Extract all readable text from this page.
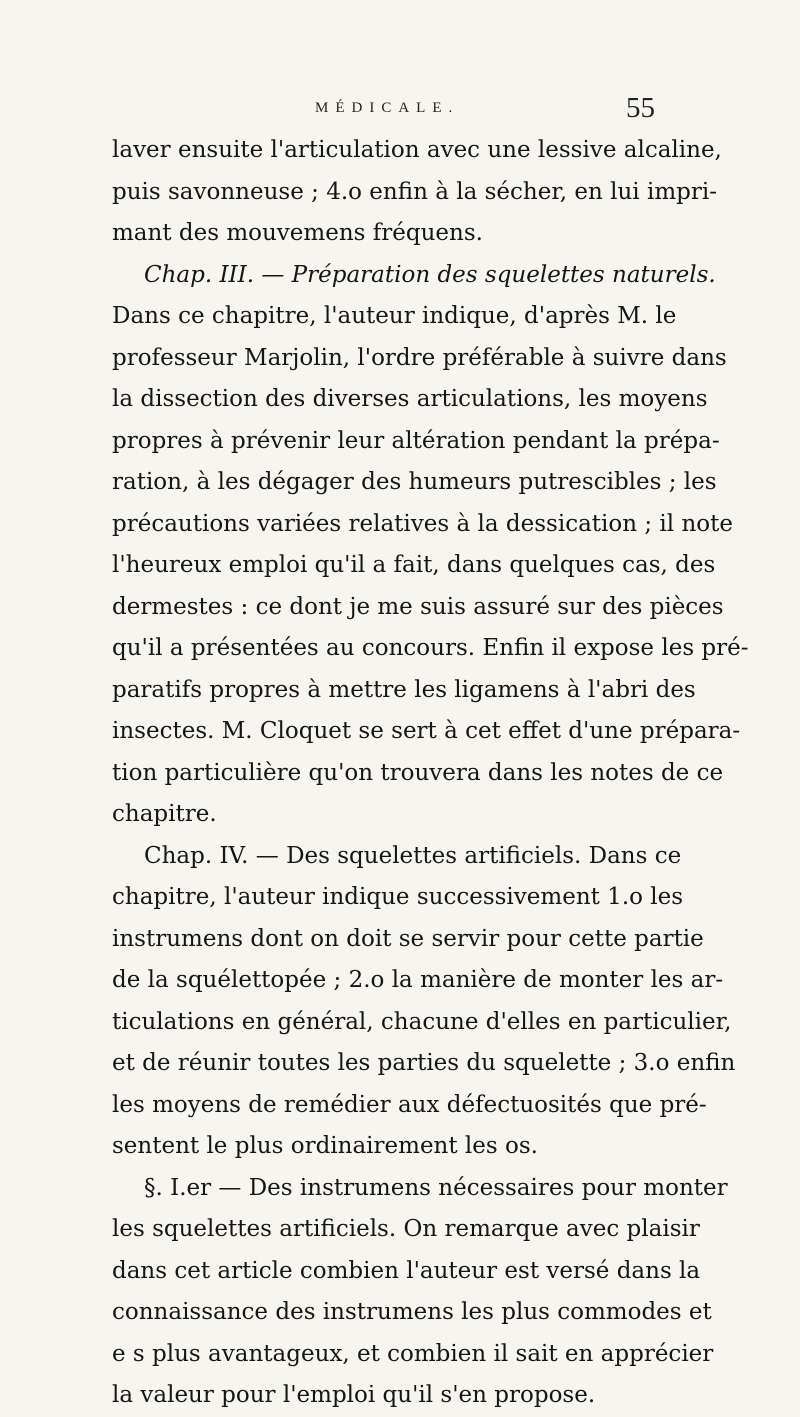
MÉDICALE.	55
laver ensuite l'articulation avec une lessive alcaline,
puis savonneuse ; 4.o enfin à la sécher, en lui impri-
mant des mouvemens fréquens.
Chap. III. — Préparation des squelettes naturels.
Dans ce chapitre, l'auteur indique, d'après M. le
professeur Marjolin, l'ordre préférable à suivre dans
la dissection des diverses articulations, les moyens
propres à prévenir leur altération pendant la prépa-
ration, à les dégager des humeurs putrescibles ; les
précautions variées relatives à la dessication ; il note
l'heureux emploi qu'il a fait, dans quelques cas, des
dermestes : ce dont je me suis assuré sur des pièces
qu'il a présentées au concours. Enfin il expose les pré-
paratifs propres à mettre les ligamens à l'abri des
insectes. M. Cloquet se sert à cet effet d'une prépara-
tion particulière qu'on trouvera dans les notes de ce
chapitre.
Chap. IV. — Des squelettes artificiels. Dans ce
chapitre, l'auteur indique successivement 1.o les
instrumens dont on doit se servir pour cette partie
de la squélettopée ; 2.o la manière de monter les ar-
ticulations en général, chacune d'elles en particulier,
et de réunir toutes les parties du squelette ; 3.o enfin
les moyens de remédier aux défectuosités que pré-
sentent le plus ordinairement les os.
§. I.er — Des instrumens nécessaires pour monter
les squelettes artificiels. On remarque avec plaisir
dans cet article combien l'auteur est versé dans la
connaissance des instrumens les plus commodes et
e s plus avantageux, et combien il sait en apprécier
la valeur pour l'emploi qu'il s'en propose.
